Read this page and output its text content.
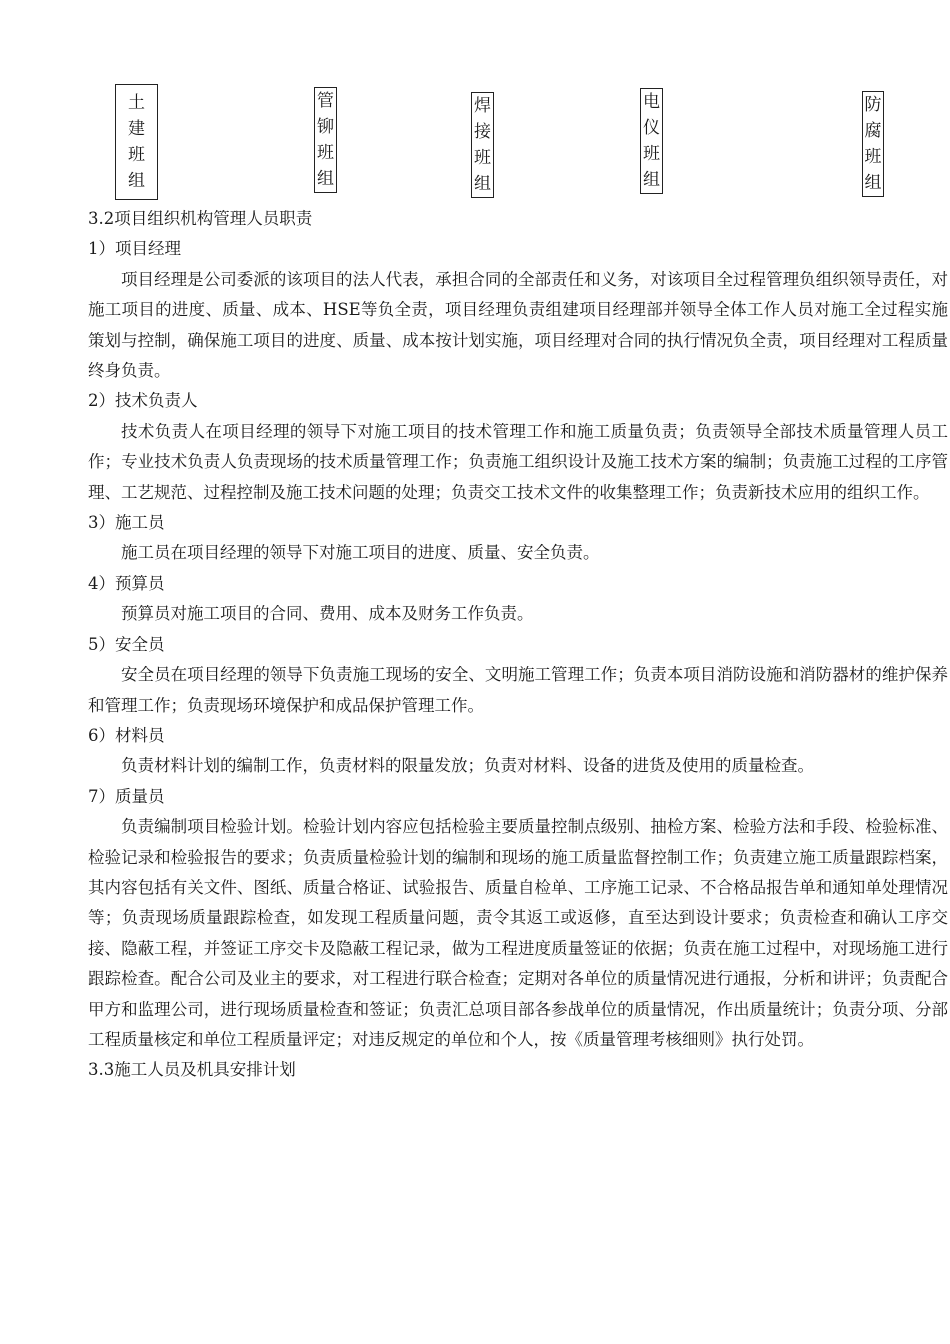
土
建
班
组
管
铆
班
组
焊
接
班
组
电
仪
班
组
防
腐
班
组

3.2项目组织机构管理人员职责

1）项目经理

项目经理是公司委派的该项目的法人代表，承担合同的全部责任和义务，对该项目全过程管理负组织领导责任，对施工项目的进度、质量、成本、HSE等负全责，项目经理负责组建项目经理部并领导全体工作人员对施工全过程实施策划与控制，确保施工项目的进度、质量、成本按计划实施，项目经理对合同的执行情况负全责，项目经理对工程质量终身负责。

2）技术负责人

技术负责人在项目经理的领导下对施工项目的技术管理工作和施工质量负责；负责领导全部技术质量管理人员工作；专业技术负责人负责现场的技术质量管理工作；负责施工组织设计及施工技术方案的编制；负责施工过程的工序管理、工艺规范、过程控制及施工技术问题的处理；负责交工技术文件的收集整理工作；负责新技术应用的组织工作。

3）施工员

施工员在项目经理的领导下对施工项目的进度、质量、安全负责。

4）预算员

预算员对施工项目的合同、费用、成本及财务工作负责。

5）安全员

安全员在项目经理的领导下负责施工现场的安全、文明施工管理工作；负责本项目消防设施和消防器材的维护保养和管理工作；负责现场环境保护和成品保护管理工作。

6）材料员

负责材料计划的编制工作，负责材料的限量发放；负责对材料、设备的进货及使用的质量检查。

7）质量员

负责编制项目检验计划。检验计划内容应包括检验主要质量控制点级别、抽检方案、检验方法和手段、检验标准、检验记录和检验报告的要求；负责质量检验计划的编制和现场的施工质量监督控制工作；负责建立施工质量跟踪档案，其内容包括有关文件、图纸、质量合格证、试验报告、质量自检单、工序施工记录、不合格品报告单和通知单处理情况等；负责现场质量跟踪检查，如发现工程质量问题，责令其返工或返修，直至达到设计要求；负责检查和确认工序交接、隐蔽工程，并签证工序交卡及隐蔽工程记录，做为工程进度质量签证的依据；负责在施工过程中，对现场施工进行跟踪检查。配合公司及业主的要求，对工程进行联合检查；定期对各单位的质量情况进行通报，分析和讲评；负责配合甲方和监理公司，进行现场质量检查和签证；负责汇总项目部各参战单位的质量情况，作出质量统计；负责分项、分部工程质量核定和单位工程质量评定；对违反规定的单位和个人，按《质量管理考核细则》执行处罚。

3.3施工人员及机具安排计划
